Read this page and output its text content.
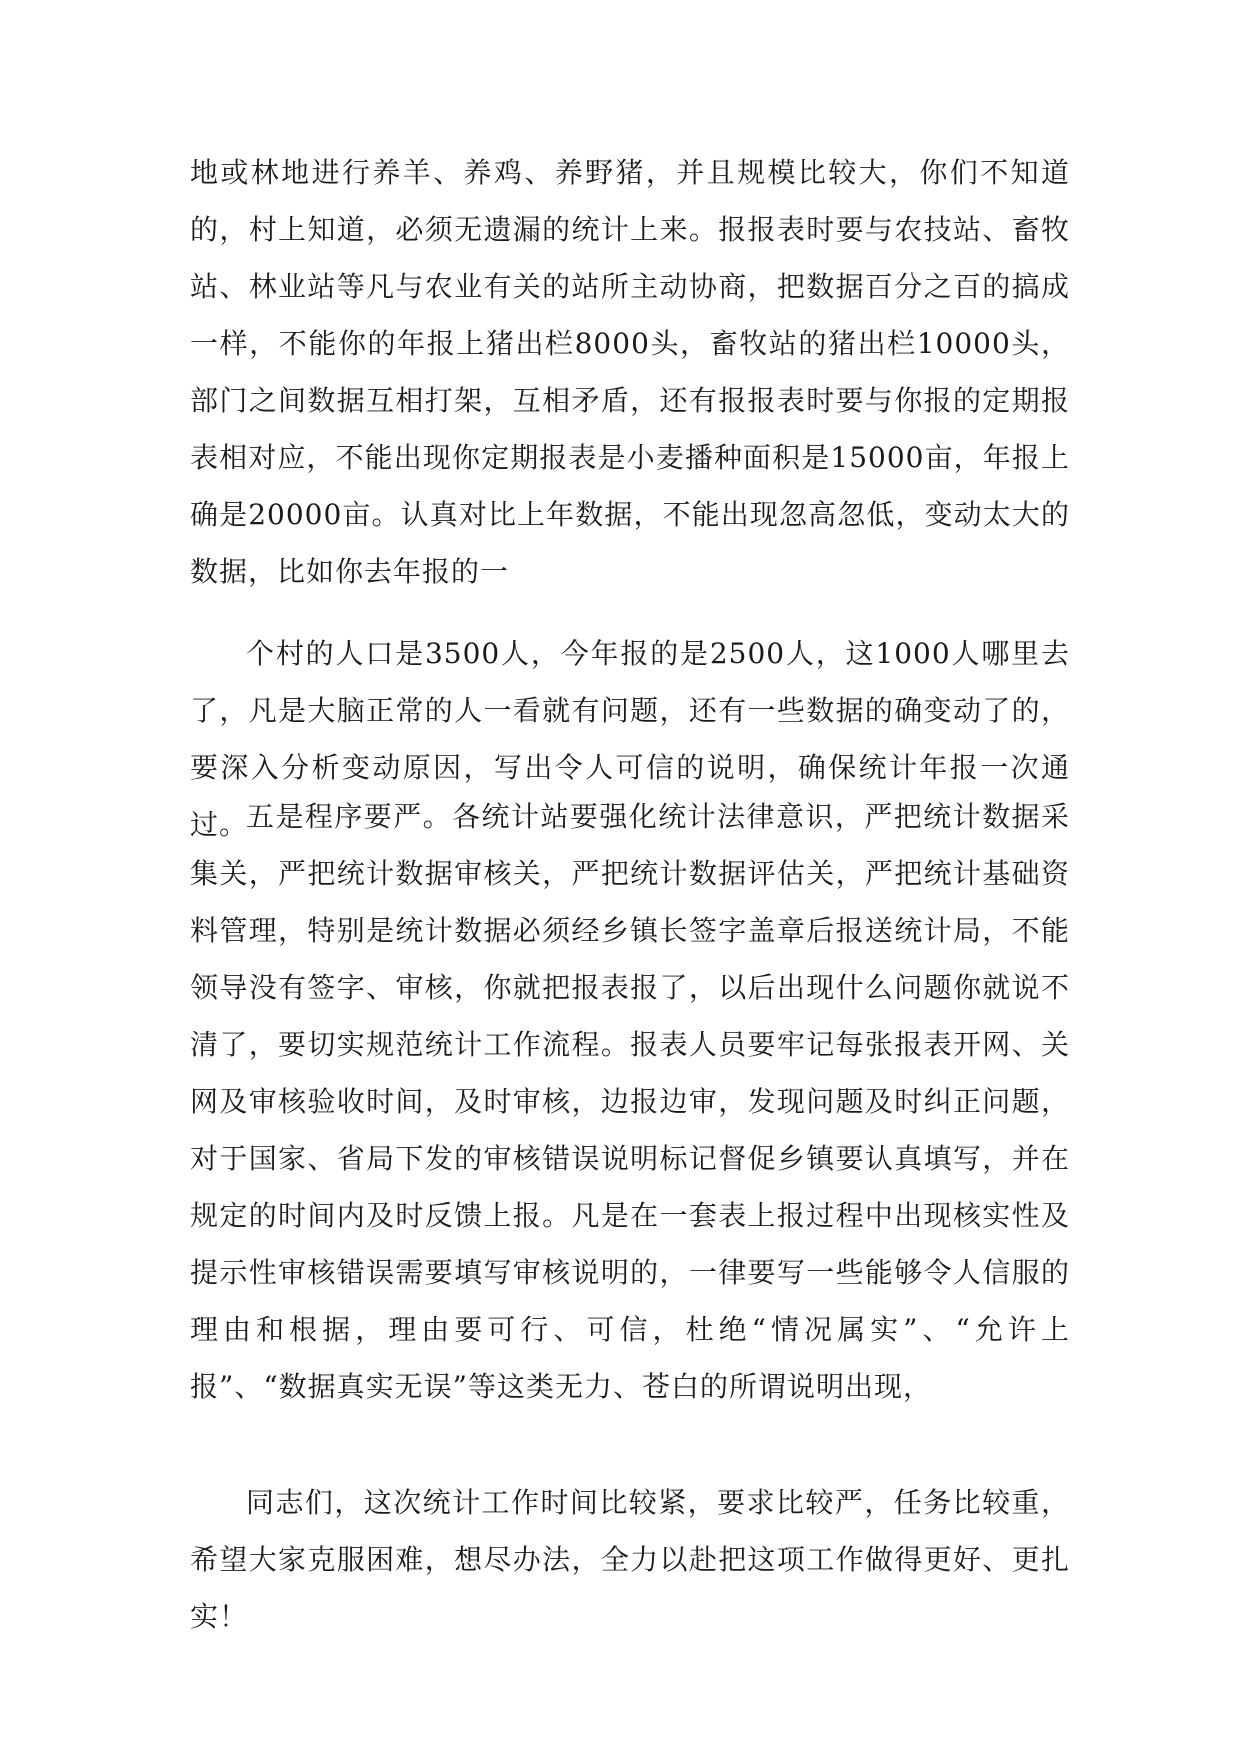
地或林地进行养羊、养鸡、养野猪，并且规模比较大，你们不知道的，村上知道，必须无遗漏的统计上来。报报表时要与农技站、畜牧站、林业站等凡与农业有关的站所主动协商，把数据百分之百的搞成一样，不能你的年报上猪出栏8000头，畜牧站的猪出栏10000头，部门之间数据互相打架，互相矛盾，还有报报表时要与你报的定期报表相对应，不能出现你定期报表是小麦播种面积是15000亩，年报上确是20000亩。认真对比上年数据，不能出现忽高忽低，变动太大的数据，比如你去年报的一

个村的人口是3500人，今年报的是2500人，这1000人哪里去了，凡是大脑正常的人一看就有问题，还有一些数据的确变动了的，要深入分析变动原因，写出令人可信的说明，确保统计年报一次通过。

五是程序要严。各统计站要强化统计法律意识，严把统计数据采集关，严把统计数据审核关，严把统计数据评估关，严把统计基础资料管理，特别是统计数据必须经乡镇长签字盖章后报送统计局，不能领导没有签字、审核，你就把报表报了，以后出现什么问题你就说不清了，要切实规范统计工作流程。报表人员要牢记每张报表开网、关网及审核验收时间，及时审核，边报边审，发现问题及时纠正问题，对于国家、省局下发的审核错误说明标记督促乡镇要认真填写，并在规定的时间内及时反馈上报。凡是在一套表上报过程中出现核实性及提示性审核错误需要填写审核说明的，一律要写一些能够令人信服的理由和根据，理由要可行、可信，杜绝“情况属实”、“允许上报”、“数据真实无误”等这类无力、苍白的所谓说明出现，

同志们，这次统计工作时间比较紧，要求比较严，任务比较重，希望大家克服困难，想尽办法，全力以赴把这项工作做得更好、更扎实！
